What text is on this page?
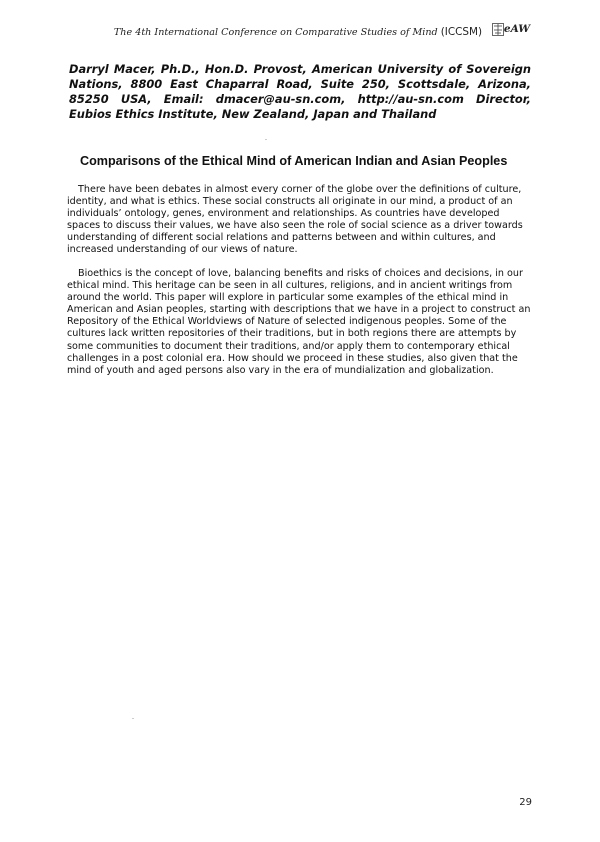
The 4th International Conference on Comparative Studies of Mind (ICCSM) eAW
Darryl Macer, Ph.D., Hon.D. Provost, American University of Sovereign Nations, 8800 East Chaparral Road, Suite 250, Scottsdale, Arizona, 85250 USA, Email: dmacer@au-sn.com, http://au-sn.com Director, Eubios Ethics Institute, New Zealand, Japan and Thailand
Comparisons of the Ethical Mind of American Indian and Asian Peoples

There have been debates in almost every corner of the globe over the definitions of culture, identity, and what is ethics. These social constructs all originate in our mind, a product of an individuals’ ontology, genes, environment and relationships. As countries have developed spaces to discuss their values, we have also seen the role of social science as a driver towards understanding of different social relations and patterns between and within cultures, and increased understanding of our views of nature.

Bioethics is the concept of love, balancing benefits and risks of choices and decisions, in our ethical mind. This heritage can be seen in all cultures, religions, and in ancient writings from around the world. This paper will explore in particular some examples of the ethical mind in American and Asian peoples, starting with descriptions that we have in a project to construct an Repository of the Ethical Worldviews of Nature of selected indigenous peoples. Some of the cultures lack written repositories of their traditions, but in both regions there are attempts by some communities to document their traditions, and/or apply them to contemporary ethical challenges in a post colonial era. How should we proceed in these studies, also given that the mind of youth and aged persons also vary in the era of mundialization and globalization.

29
